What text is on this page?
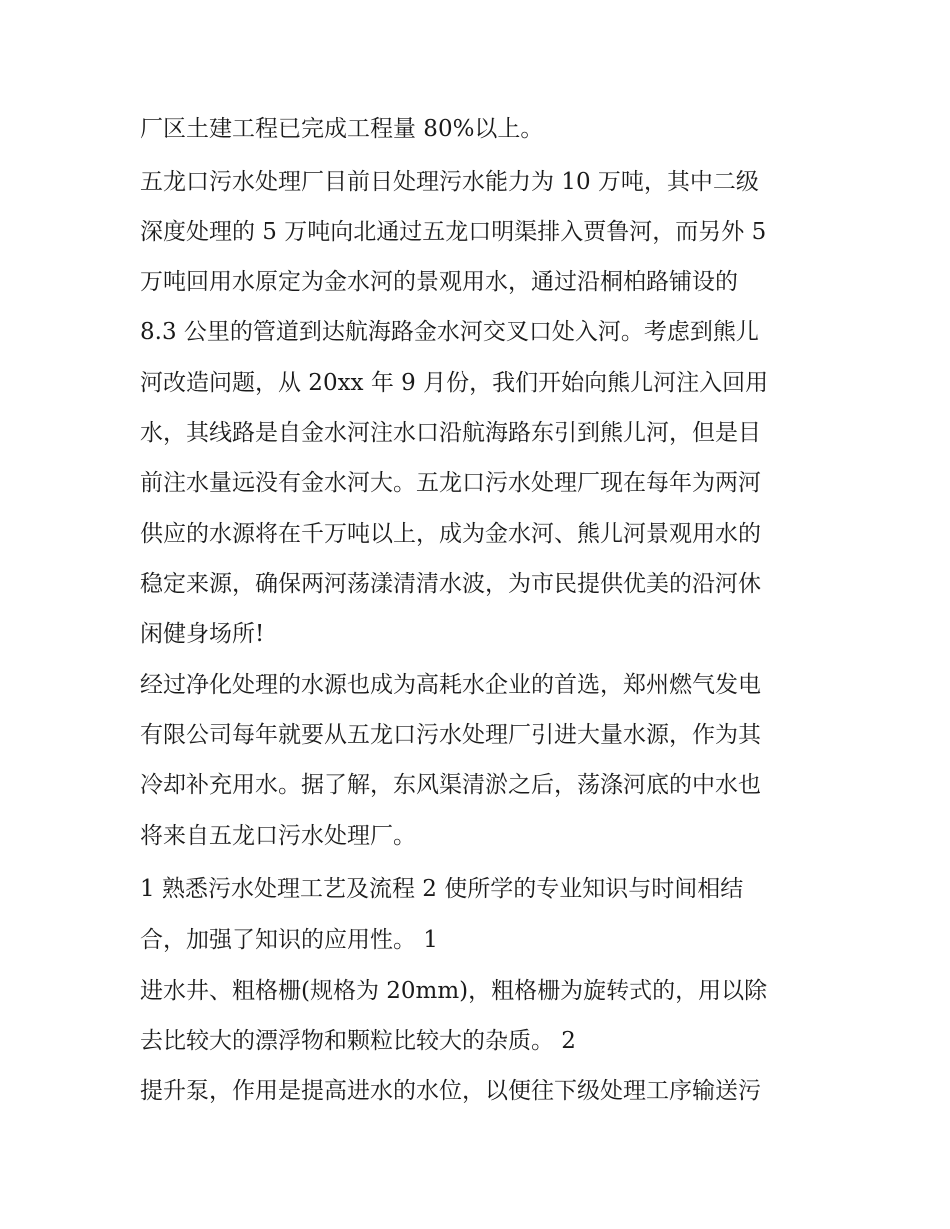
厂区土建工程已完成工程量 80%以上。

五龙口污水处理厂目前日处理污水能力为 10 万吨，其中二级

深度处理的 5 万吨向北通过五龙口明渠排入贾鲁河，而另外 5

万吨回用水原定为金水河的景观用水，通过沿桐柏路铺设的

8.3 公里的管道到达航海路金水河交叉口处入河。考虑到熊儿

河改造问题，从 20xx 年 9 月份，我们开始向熊儿河注入回用

水，其线路是自金水河注水口沿航海路东引到熊儿河，但是目

前注水量远没有金水河大。五龙口污水处理厂现在每年为两河

供应的水源将在千万吨以上，成为金水河、熊儿河景观用水的

稳定来源，确保两河荡漾清清水波，为市民提供优美的沿河休

闲健身场所!

经过净化处理的水源也成为高耗水企业的首选，郑州燃气发电

有限公司每年就要从五龙口污水处理厂引进大量水源，作为其

冷却补充用水。据了解，东风渠清淤之后，荡涤河底的中水也

将来自五龙口污水处理厂。

1 熟悉污水处理工艺及流程 2 使所学的专业知识与时间相结

合，加强了知识的应用性。 1

进水井、粗格栅(规格为 20mm)，粗格栅为旋转式的，用以除

去比较大的漂浮物和颗粒比较大的杂质。 2

提升泵，作用是提高进水的水位，以便往下级处理工序输送污
